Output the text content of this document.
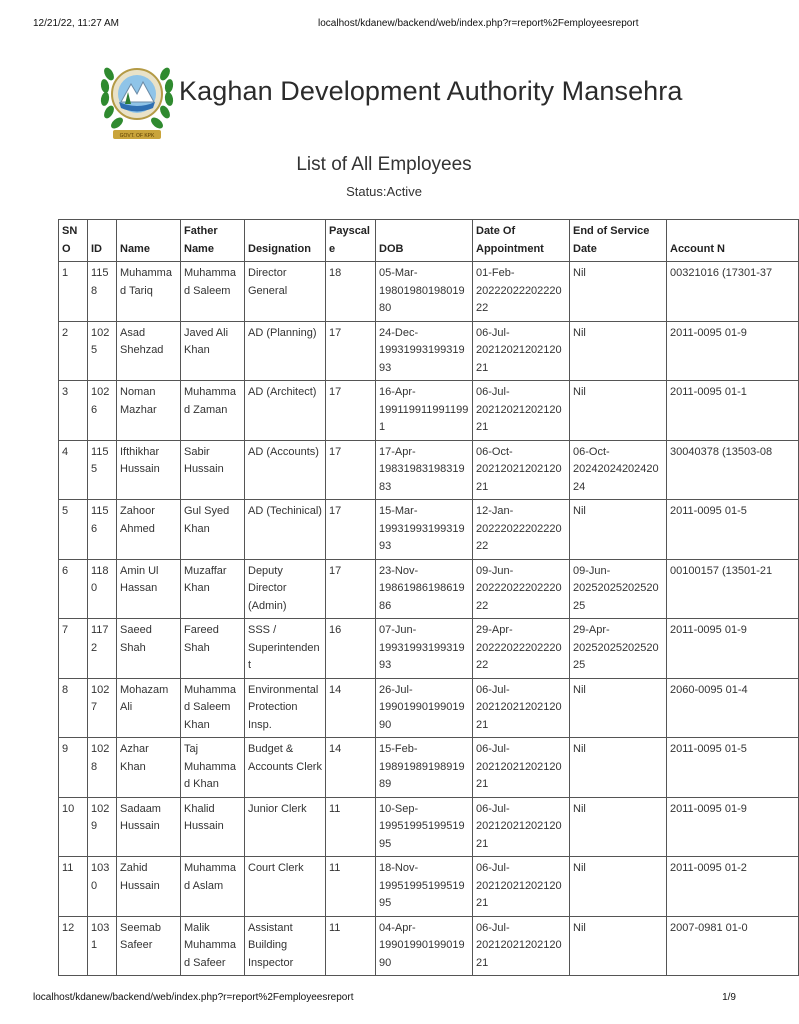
12/21/22, 11:27 AM	localhost/kdanew/backend/web/index.php?r=report%2Femployeesreport
GOVT. OF KPK
Kaghan Development Authority Mansehra
List of All Employees
Status:Active
SNO	ID	Name	Father Name	Designation	Payscale	DOB	Date Of Appointment	End of Service Date	Account N
1	1158	Muhammad Tariq	Muhammad Saleem	Director General	18	05-Mar-1980198019801980	01-Feb-2022202220222022	Nil	00321016 (17301-37
2	1025	Asad Shehzad	Javed Ali Khan	AD (Planning)	17	24-Dec-1993199319931993	06-Jul-2021202120212021	Nil	2011-0095 01-9
3	1026	Noman Mazhar	Muhammad Zaman	AD (Architect)	17	16-Apr-1991199119911991	06-Jul-2021202120212021	Nil	2011-0095 01-1
4	1155	Ifthikhar Hussain	Sabir Hussain	AD (Accounts)	17	17-Apr-1983198319831983	06-Oct-2021202120212021	06-Oct-2024202420242024	30040378 (13503-08
5	1156	Zahoor Ahmed	Gul Syed Khan	AD (Techinical)	17	15-Mar-1993199319931993	12-Jan-2022202220222022	Nil	2011-0095 01-5
6	1180	Amin Ul Hassan	Muzaffar Khan	Deputy Director (Admin)	17	23-Nov-1986198619861986	09-Jun-2022202220222022	09-Jun-2025202520252025	00100157 (13501-21
7	1172	Saeed Shah	Fareed Shah	SSS / Superintendent	16	07-Jun-1993199319931993	29-Apr-2022202220222022	29-Apr-2025202520252025	2011-0095 01-9
8	1027	Mohazam Ali	Muhammad Saleem Khan	Environmental Protection Insp.	14	26-Jul-1990199019901990	06-Jul-2021202120212021	Nil	2060-0095 01-4
9	1028	Azhar Khan	Taj Muhammad Khan	Budget & Accounts Clerk	14	15-Feb-1989198919891989	06-Jul-2021202120212021	Nil	2011-0095 01-5
10	1029	Sadaam Hussain	Khalid Hussain	Junior Clerk	11	10-Sep-1995199519951995	06-Jul-2021202120212021	Nil	2011-0095 01-9
11	1030	Zahid Hussain	Muhammad Aslam	Court Clerk	11	18-Nov-1995199519951995	06-Jul-2021202120212021	Nil	2011-0095 01-2
12	1031	Seemab Safeer	Malik Muhammad Safeer	Assistant Building Inspector	11	04-Apr-1990199019901990	06-Jul-2021202120212021	Nil	2007-0981 01-0
localhost/kdanew/backend/web/index.php?r=report%2Femployeesreport	1/9
